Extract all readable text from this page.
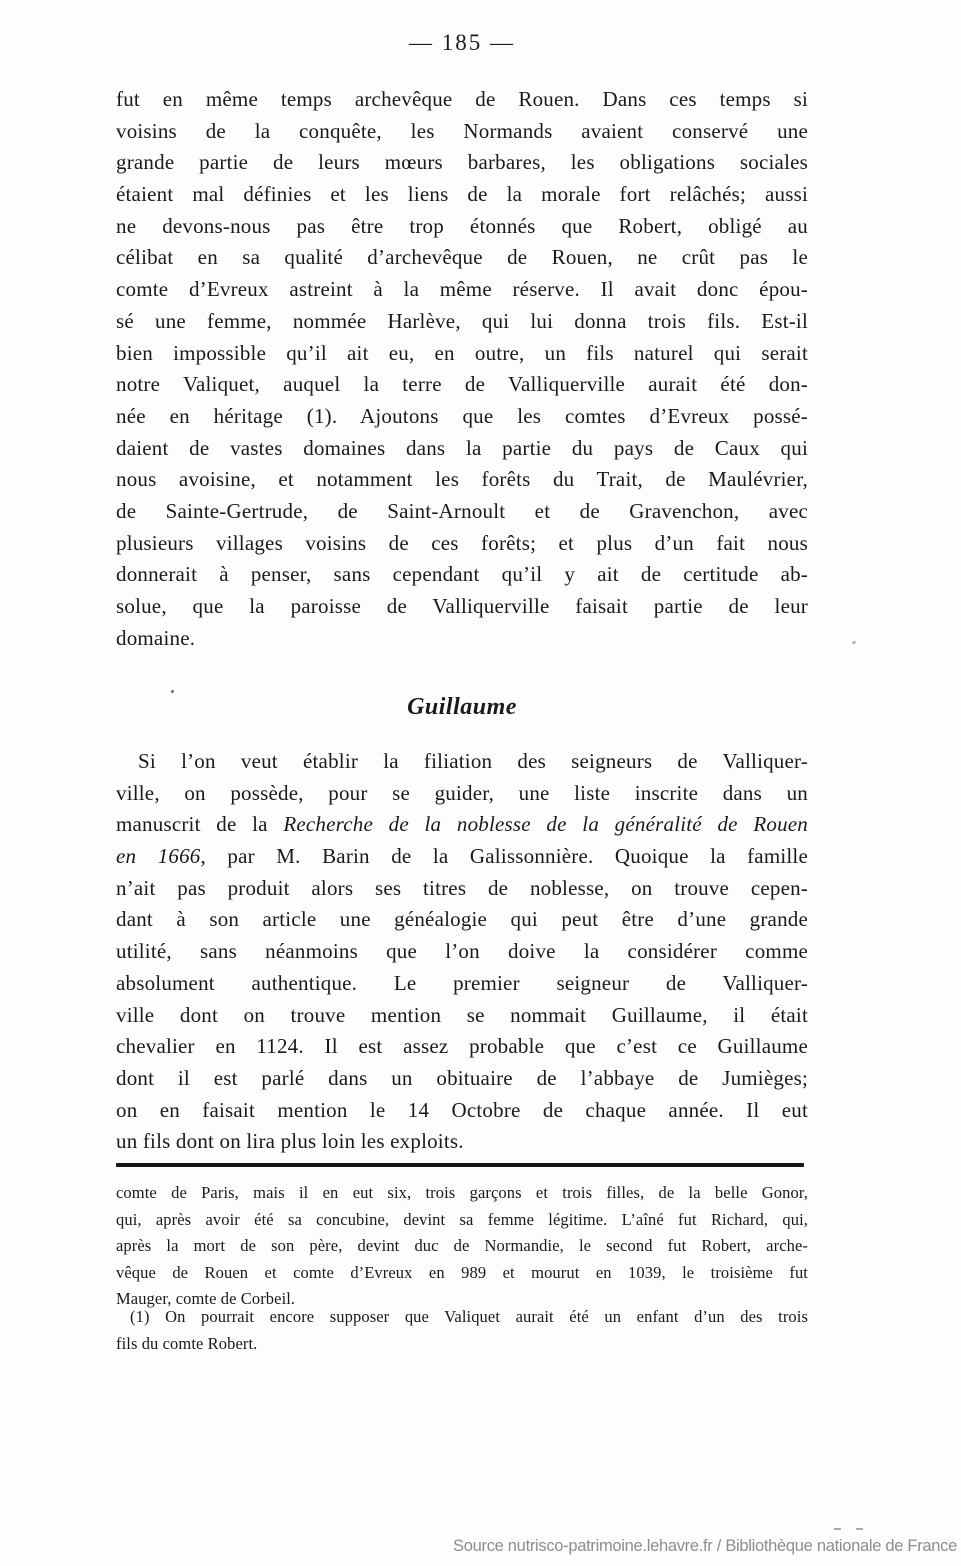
— 185 —
fut en même temps archevêque de Rouen. Dans ces temps si
voisins de la conquête, les Normands avaient conservé une
grande partie de leurs mœurs barbares, les obligations sociales
étaient mal définies et les liens de la morale fort relâchés; aussi
ne devons-nous pas être trop étonnés que Robert, obligé au
célibat en sa qualité d’archevêque de Rouen, ne crût pas le
comte d’Evreux astreint à la même réserve. Il avait donc épou-
sé une femme, nommée Harlève, qui lui donna trois fils. Est-il
bien impossible qu’il ait eu, en outre, un fils naturel qui serait
notre Valiquet, auquel la terre de Valliquerville aurait été don-
née en héritage (1). Ajoutons que les comtes d’Evreux possé-
daient de vastes domaines dans la partie du pays de Caux qui
nous avoisine, et notamment les forêts du Trait, de Maulévrier,
de Sainte-Gertrude, de Saint-Arnoult et de Gravenchon, avec
plusieurs villages voisins de ces forêts; et plus d’un fait nous
donnerait à penser, sans cependant qu’il y ait de certitude ab-
solue, que la paroisse de Valliquerville faisait partie de leur
domaine.
Guillaume
Si l’on veut établir la filiation des seigneurs de Valliquer-
ville, on possède, pour se guider, une liste inscrite dans un
manuscrit de la Recherche de la noblesse de la généralité de Rouen
en 1666, par M. Barin de la Galissonnière. Quoique la famille
n’ait pas produit alors ses titres de noblesse, on trouve cepen-
dant à son article une généalogie qui peut être d’une grande
utilité, sans néanmoins que l’on doive la considérer comme
absolument authentique. Le premier seigneur de Valliquer-
ville dont on trouve mention se nommait Guillaume, il était
chevalier en 1124. Il est assez probable que c’est ce Guillaume
dont il est parlé dans un obituaire de l’abbaye de Jumièges;
on en faisait mention le 14 Octobre de chaque année. Il eut
un fils dont on lira plus loin les exploits.
comte de Paris, mais il en eut six, trois garçons et trois filles, de la belle Gonor,
qui, après avoir été sa concubine, devint sa femme légitime. L’aîné fut Richard, qui,
après la mort de son père, devint duc de Normandie, le second fut Robert, arche-
vêque de Rouen et comte d’Evreux en 989 et mourut en 1039, le troisième fut
Mauger, comte de Corbeil.
(1) On pourrait encore supposer que Valiquet aurait été un enfant d’un des trois
fils du comte Robert.
Source nutrisco-patrimoine.lehavre.fr / Bibliothèque nationale de France
